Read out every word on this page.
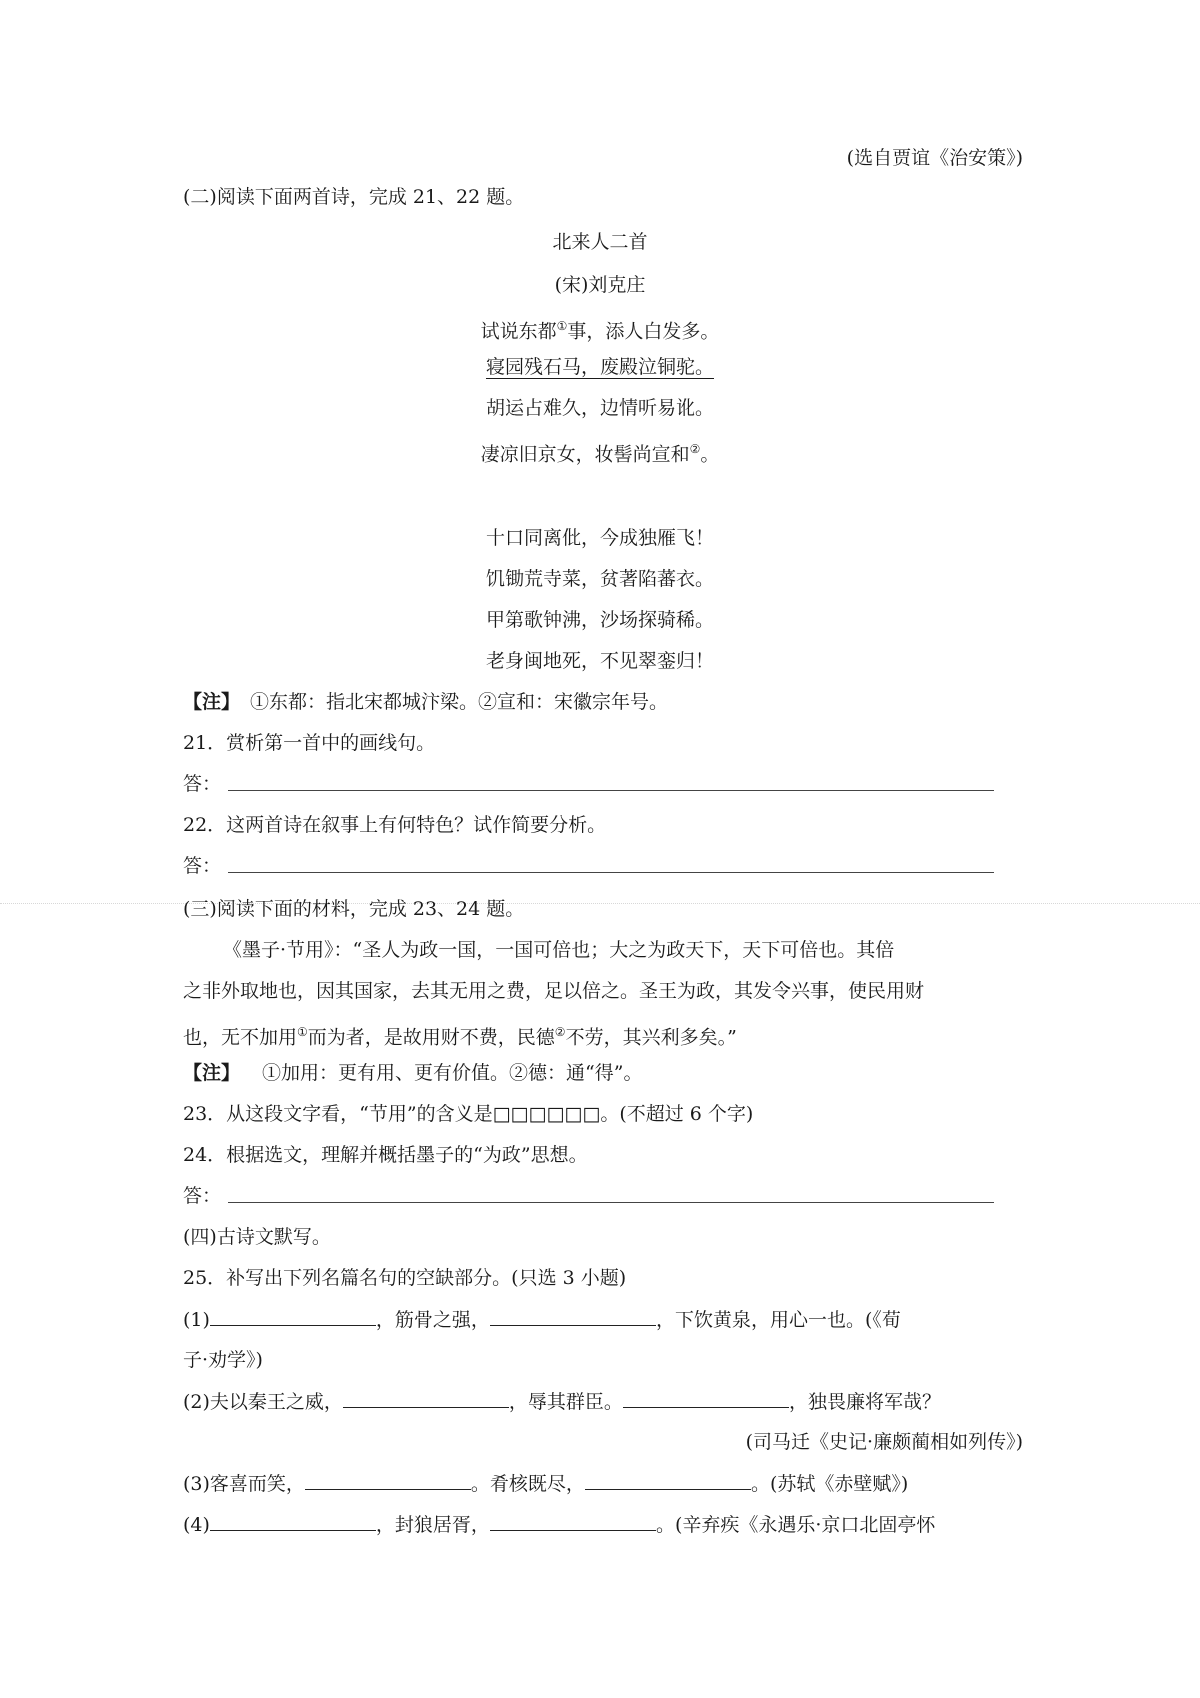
(选自贾谊《治安策》)
(二)阅读下面两首诗，完成 21、22 题。
北来人二首
(宋)刘克庄
试说东都①事，添人白发多。
寝园残石马，废殿泣铜驼。
胡运占难久，边情听易讹。
凄凉旧京女，妆髻尚宣和②。
十口同离仳，今成独雁飞！
饥锄荒寺菜，贫著陷蕃衣。
甲第歌钟沸，沙场探骑稀。
老身闽地死，不见翠銮归！
【注】 ①东都：指北宋都城汴梁。②宣和：宋徽宗年号。
21．赏析第一首中的画线句。
答：
22．这两首诗在叙事上有何特色？试作简要分析。
答：
(三)阅读下面的材料，完成 23、24 题。
《墨子·节用》：“圣人为政一国，一国可倍也；大之为政天下，天下可倍也。其倍
之非外取地也，因其国家，去其无用之费，足以倍之。圣王为政，其发令兴事，使民用财
也，无不加用①而为者，是故用财不费，民德②不劳，其兴利多矣。”
【注】 ①加用：更有用、更有价值。②德：通“得”。
23．从这段文字看，“节用”的含义是□□□□□□。(不超过 6 个字)
24．根据选文，理解并概括墨子的“为政”思想。
答：
(四)古诗文默写。
25．补写出下列名篇名句的空缺部分。(只选 3 小题)
(1)	，筋骨之强，	，下饮黄泉，用心一也。(《荀
子·劝学》)
(2)夫以秦王之威，	，辱其群臣。	，独畏廉将军哉？
(司马迁《史记·廉颇蔺相如列传》)
(3)客喜而笑，	。肴核既尽，	。(苏轼《赤壁赋》)
(4)	，封狼居胥，	。(辛弃疾《永遇乐·京口北固亭怀
